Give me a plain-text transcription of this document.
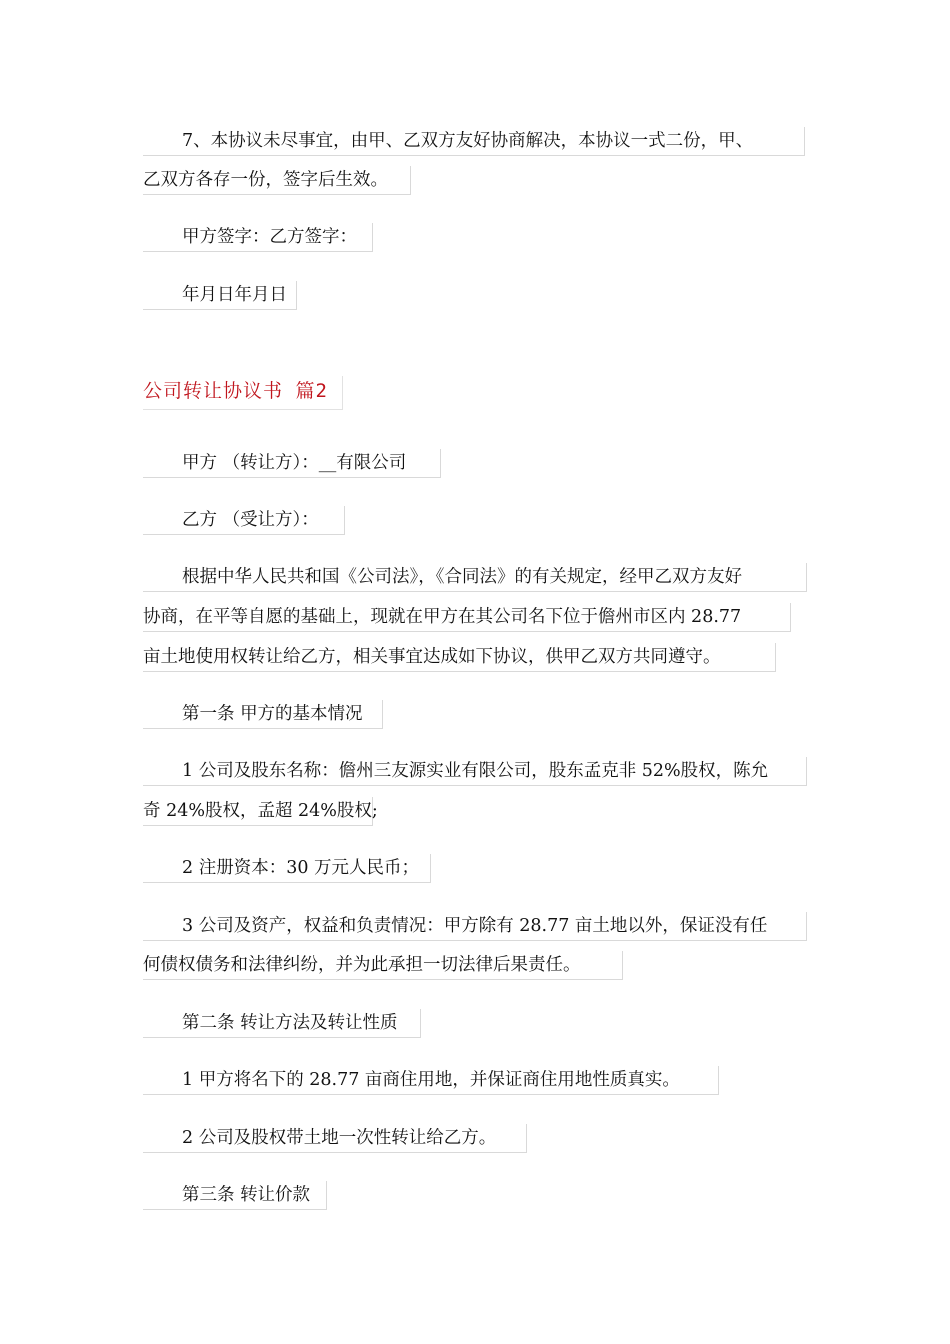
7、本协议未尽事宜，由甲、乙双方友好协商解决，本协议一式二份，甲、
乙双方各存一份，签字后生效。
甲方签字：乙方签字：
年月日年月日
公司转让协议书 篇2
甲方 （转让方）：__有限公司
乙方 （受让方）：
根据中华人民共和国《公司法》，《合同法》的有关规定，经甲乙双方友好
协商，在平等自愿的基础上，现就在甲方在其公司名下位于儋州市区内 28.77
亩土地使用权转让给乙方，相关事宜达成如下协议，供甲乙双方共同遵守。
第一条 甲方的基本情况
1 公司及股东名称：儋州三友源实业有限公司，股东孟克非 52%股权，陈允
奇 24%股权，孟超 24%股权;
2 注册资本：30 万元人民币；
3 公司及资产，权益和负责情况：甲方除有 28.77 亩土地以外，保证没有任
何债权债务和法律纠纷，并为此承担一切法律后果责任。
第二条 转让方法及转让性质
1 甲方将名下的 28.77 亩商住用地，并保证商住用地性质真实。
2 公司及股权带土地一次性转让给乙方。
第三条 转让价款
